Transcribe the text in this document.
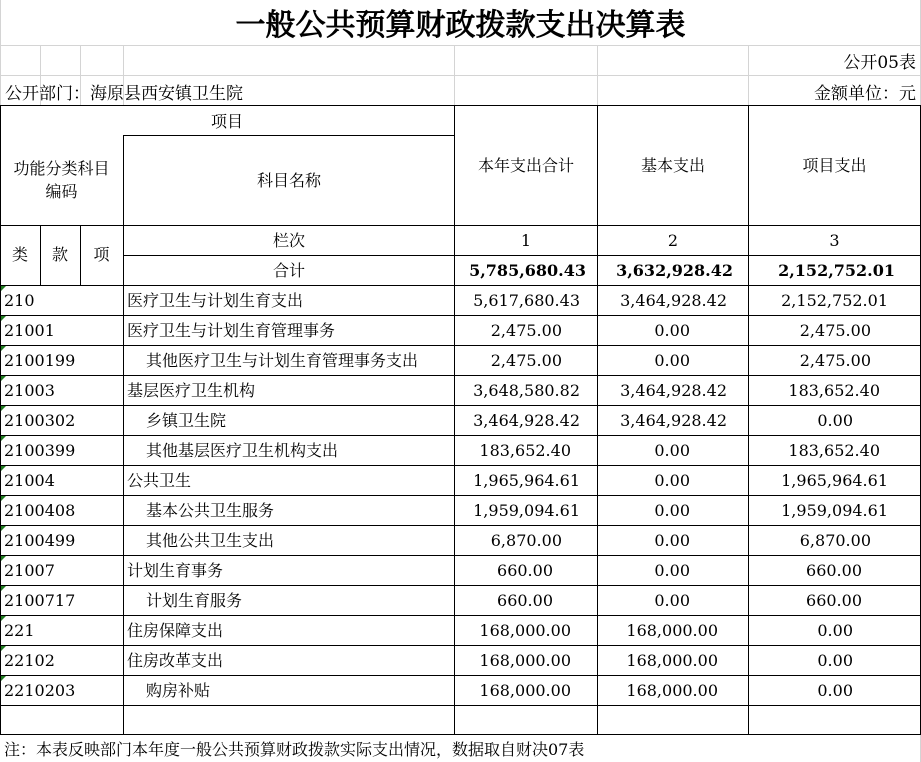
一般公共预算财政拨款支出决算表
公开05表
公开部门：海原县西安镇卫生院	金额单位：元
项目
功能分类科目
编码
科目名称
本年支出合计	基本支出	项目支出
类	款	项
栏次	1	2	3
合计	5,785,680.43	3,632,928.42	2,152,752.01
210	医疗卫生与计划生育支出	5,617,680.43	3,464,928.42	2,152,752.01
21001	医疗卫生与计划生育管理事务	2,475.00	0.00	2,475.00
2100199	其他医疗卫生与计划生育管理事务支出	2,475.00	0.00	2,475.00
21003	基层医疗卫生机构	3,648,580.82	3,464,928.42	183,652.40
2100302	乡镇卫生院	3,464,928.42	3,464,928.42	0.00
2100399	其他基层医疗卫生机构支出	183,652.40	0.00	183,652.40
21004	公共卫生	1,965,964.61	0.00	1,965,964.61
2100408	基本公共卫生服务	1,959,094.61	0.00	1,959,094.61
2100499	其他公共卫生支出	6,870.00	0.00	6,870.00
21007	计划生育事务	660.00	0.00	660.00
2100717	计划生育服务	660.00	0.00	660.00
221	住房保障支出	168,000.00	168,000.00	0.00
22102	住房改革支出	168,000.00	168,000.00	0.00
2210203	购房补贴	168,000.00	168,000.00	0.00
注：本表反映部门本年度一般公共预算财政拨款实际支出情况，数据取自财决07表
